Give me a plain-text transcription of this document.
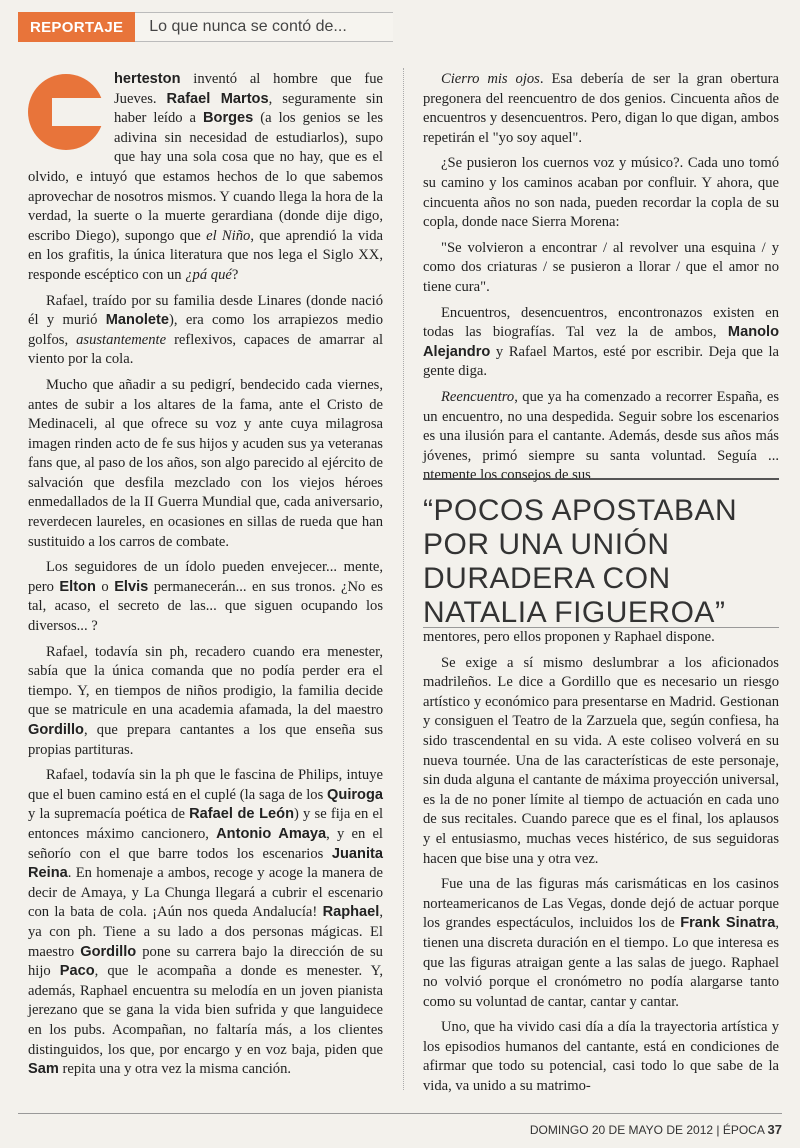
REPORTAJE	Lo que nunca se contó de...

herteston inventó al hombre que fue Jueves. Rafael Martos, seguramente sin haber leído a Borges (a los genios se les adivina sin necesidad de estudiarlos), supo que hay una sola cosa que no hay, que es el olvido, e intuyó que estamos hechos de lo que sabemos aprovechar de nosotros mismos. Y cuando llega la hora de la verdad, la suerte o la muerte gerardiana (donde dije digo, escribo Diego), supongo que el Niño, que aprendió la vida en los grafitis, la única literatura que nos lega el Siglo XX, responde escéptico con un ¿pá qué?

Rafael, traído por su familia desde Linares (donde nació él y murió Manolete), era como los arrapiezos medio golfos, asustantemente reflexivos, capaces de amarrar al viento por la cola.

Mucho que añadir a su pedigrí, bendecido cada viernes, antes de subir a los altares de la fama, ante el Cristo de Medinaceli, al que ofrece su voz y ante cuya milagrosa imagen rinden acto de fe sus hijos y acuden sus ya veteranas fans que, al paso de los años, son algo parecido al ejército de salvación que desfila mezclado con los viejos héroes enmedallados de la II Guerra Mundial que, cada aniversario, reverdecen laureles, en ocasiones en sillas de rueda que han sustituido a los carros de combate.

Los seguidores de un ídolo pueden envejecer... mente, pero Elton o Elvis permanecerán... en sus tronos. ¿No es tal, acaso, el secreto de las... que siguen ocupando los diversos... ?

Rafael, todavía sin ph, recadero cuando era menester, sabía que la única comanda que no podía perder era el tiempo. Y, en tiempos de niños prodigio, la familia decide que se matricule en una academia afamada, la del maestro Gordillo, que prepara cantantes a los que enseña sus propias partituras.

Rafael, todavía sin la ph que le fascina de Philips, intuye que el buen camino está en el cuplé (la saga de los Quiroga y la supremacía poética de Rafael de León) y se fija en el entonces máximo cancionero, Antonio Amaya, y en el señorío con el que barre todos los escenarios Juanita Reina. En homenaje a ambos, recoge y acoge la manera de decir de Amaya, y La Chunga llegará a cubrir el escenario con la bata de cola. ¡Aún nos queda Andalucía! Raphael, ya con ph. Tiene a su lado a dos personas mágicas. El maestro Gordillo pone su carrera bajo la dirección de su hijo Paco, que le acompaña a donde es menester. Y, además, Raphael encuentra su melodía en un joven pianista jerezano que se gana la vida bien sufrida y que languidece en los pubs. Acompañan, no faltaría más, a los clientes distinguidos, los que, por encargo y en voz baja, piden que Sam repita una y otra vez la misma canción.

Cierro mis ojos. Esa debería de ser la gran obertura pregonera del reencuentro de dos genios. Cincuenta años de encuentros y desencuentros. Pero, digan lo que digan, ambos repetirán el "yo soy aquel".

¿Se pusieron los cuernos voz y músico?. Cada uno tomó su camino y los caminos acaban por confluir. Y ahora, que cincuenta años no son nada, pueden recordar la copla de su copla, donde nace Sierra Morena:

"Se volvieron a encontrar / al revolver una esquina / y como dos criaturas / se pusieron a llorar / que el amor no tiene cura".

Encuentros, desencuentros, encontronazos existen en todas las biografías. Tal vez la de ambos, Manolo Alejandro y Rafael Martos, esté por escribir. Deja que la gente diga.

Reencuentro, que ya ha comenzado a recorrer España, es un encuentro, no una despedida. Seguir sobre los escenarios es una ilusión para el cantante. Además, desde sus años más jóvenes, primó siempre su santa voluntad. Seguía ... ntemente los consejos de sus

“POCOS APOSTABAN POR UNA UNIÓN DURADERA CON NATALIA FIGUEROA”

mentores, pero ellos proponen y Raphael dispone.

Se exige a sí mismo deslumbrar a los aficionados madrileños. Le dice a Gordillo que es necesario un riesgo artístico y económico para presentarse en Madrid. Gestionan y consiguen el Teatro de la Zarzuela que, según confiesa, ha sido trascendental en su vida. A este coliseo volverá en su nueva tournée. Una de las características de este personaje, sin duda alguna el cantante de máxima proyección universal, es la de no poner límite al tiempo de actuación en cada uno de sus recitales. Cuando parece que es el final, los aplausos y el entusiasmo, muchas veces histérico, de sus seguidoras hacen que bise una y otra vez.

Fue una de las figuras más carismáticas en los casinos norteamericanos de Las Vegas, donde dejó de actuar porque los grandes espectáculos, incluidos los de Frank Sinatra, tienen una discreta duración en el tiempo. Lo que interesa es que las figuras atraigan gente a las salas de juego. Raphael no volvió porque el cronómetro no podía alargarse tanto como su voluntad de cantar, cantar y cantar.

Uno, que ha vivido casi día a día la trayectoria artística y los episodios humanos del cantante, está en condiciones de afirmar que todo su potencial, casi todo lo que sabe de la vida, va unido a su matrimo-

DOMINGO 20 DE MAYO DE 2012 | ÉPOCA 37
